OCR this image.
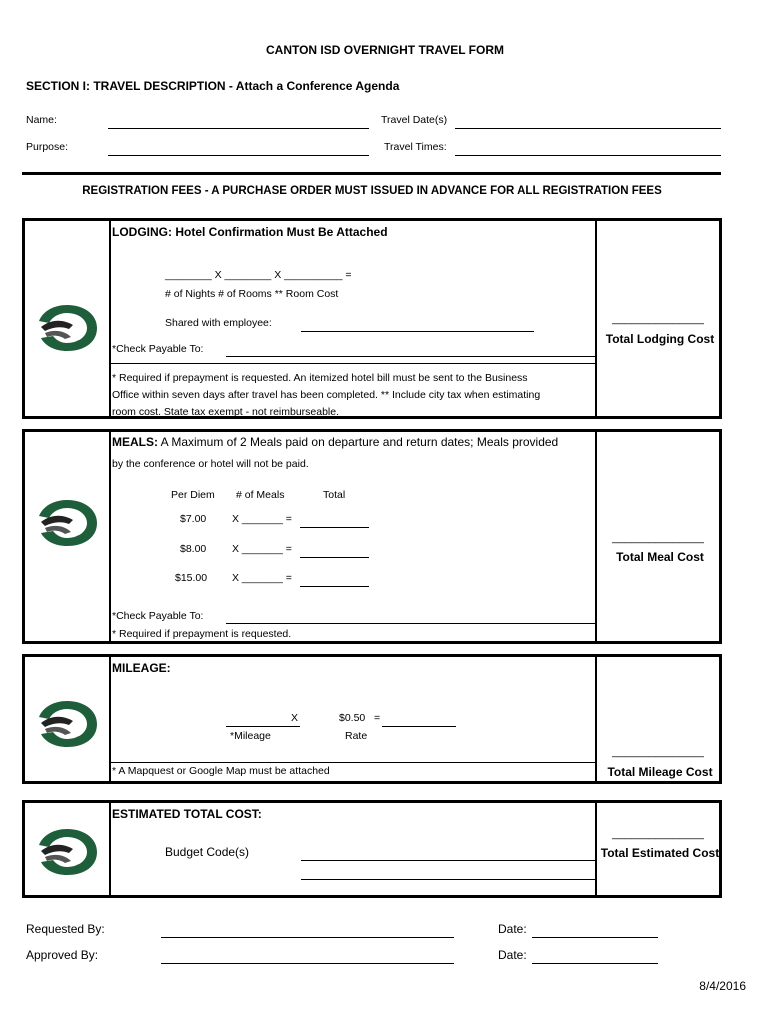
CANTON ISD OVERNIGHT TRAVEL FORM
SECTION I: TRAVEL DESCRIPTION - Attach a Conference Agenda
Name:	Travel Date(s)
Purpose:	Travel Times:
REGISTRATION FEES - A PURCHASE ORDER MUST ISSUED IN ADVANCE FOR ALL REGISTRATION FEES
LODGING: Hotel Confirmation Must Be Attached
________ X ________ X __________ =
# of Nights # of Rooms ** Room Cost
Shared with employee:
*Check Payable To:
* Required if prepayment is requested. An itemized hotel bill must be sent to the Business
Office within seven days after travel has been completed. ** Include city tax when estimating
room cost. State tax exempt - not reimburseable.
_______________
Total Lodging Cost
MEALS: A Maximum of 2 Meals paid on departure and return dates; Meals provided
by the conference or hotel will not be paid.
Per Diem # of Meals	Total
$7.00 X _______ =
$8.00 X _______ =
$15.00 X _______ =
*Check Payable To:
* Required if prepayment is requested.
_______________
Total Meal Cost
MILEAGE:
X	$0.50 =
*Mileage	Rate
* A Mapquest or Google Map must be attached
_______________
Total Mileage Cost
ESTIMATED TOTAL COST:
Budget Code(s)
_______________
Total Estimated Cost
Requested By:	Date:
Approved By:	Date:
8/4/2016
